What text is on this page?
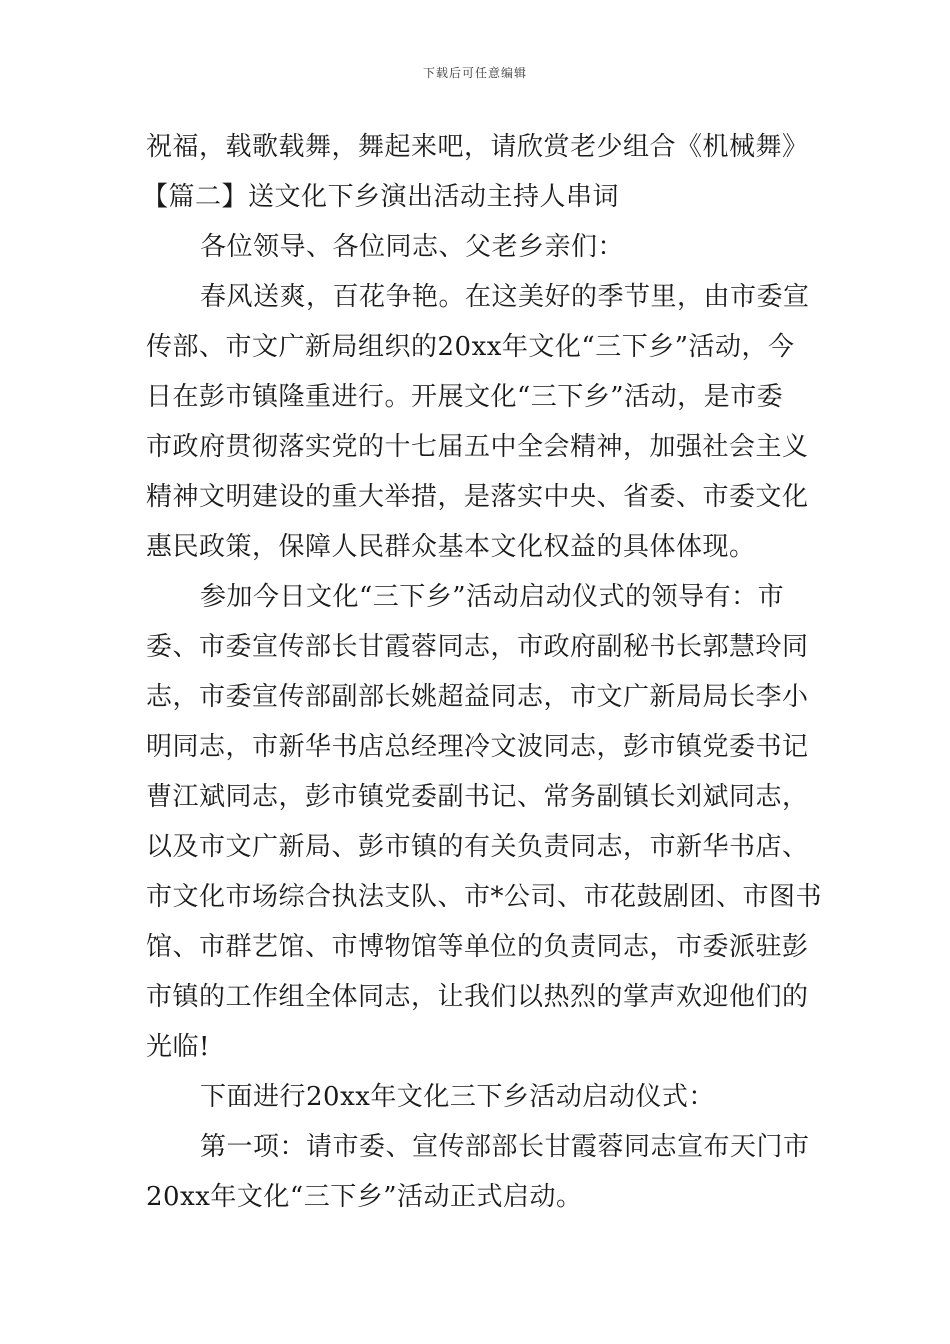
下载后可任意编辑
祝福，载歌载舞，舞起来吧，请欣赏老少组合《机械舞》
【篇二】送文化下乡演出活动主持人串词
各位领导、各位同志、父老乡亲们：
春风送爽，百花争艳。在这美好的季节里，由市委宣
传部、市文广新局组织的20xx年文化“三下乡”活动，今
日在彭市镇隆重进行。开展文化“三下乡”活动，是市委
市政府贯彻落实党的十七届五中全会精神，加强社会主义
精神文明建设的重大举措，是落实中央、省委、市委文化
惠民政策，保障人民群众基本文化权益的具体体现。
参加今日文化“三下乡”活动启动仪式的领导有：市
委、市委宣传部长甘霞蓉同志，市政府副秘书长郭慧玲同
志，市委宣传部副部长姚超益同志，市文广新局局长李小
明同志，市新华书店总经理冷文波同志，彭市镇党委书记
曹江斌同志，彭市镇党委副书记、常务副镇长刘斌同志，
以及市文广新局、彭市镇的有关负责同志，市新华书店、
市文化市场综合执法支队、市*公司、市花鼓剧团、市图书
馆、市群艺馆、市博物馆等单位的负责同志，市委派驻彭
市镇的工作组全体同志，让我们以热烈的掌声欢迎他们的
光临!
下面进行20xx年文化三下乡活动启动仪式：
第一项：请市委、宣传部部长甘霞蓉同志宣布天门市
20xx年文化“三下乡”活动正式启动。
